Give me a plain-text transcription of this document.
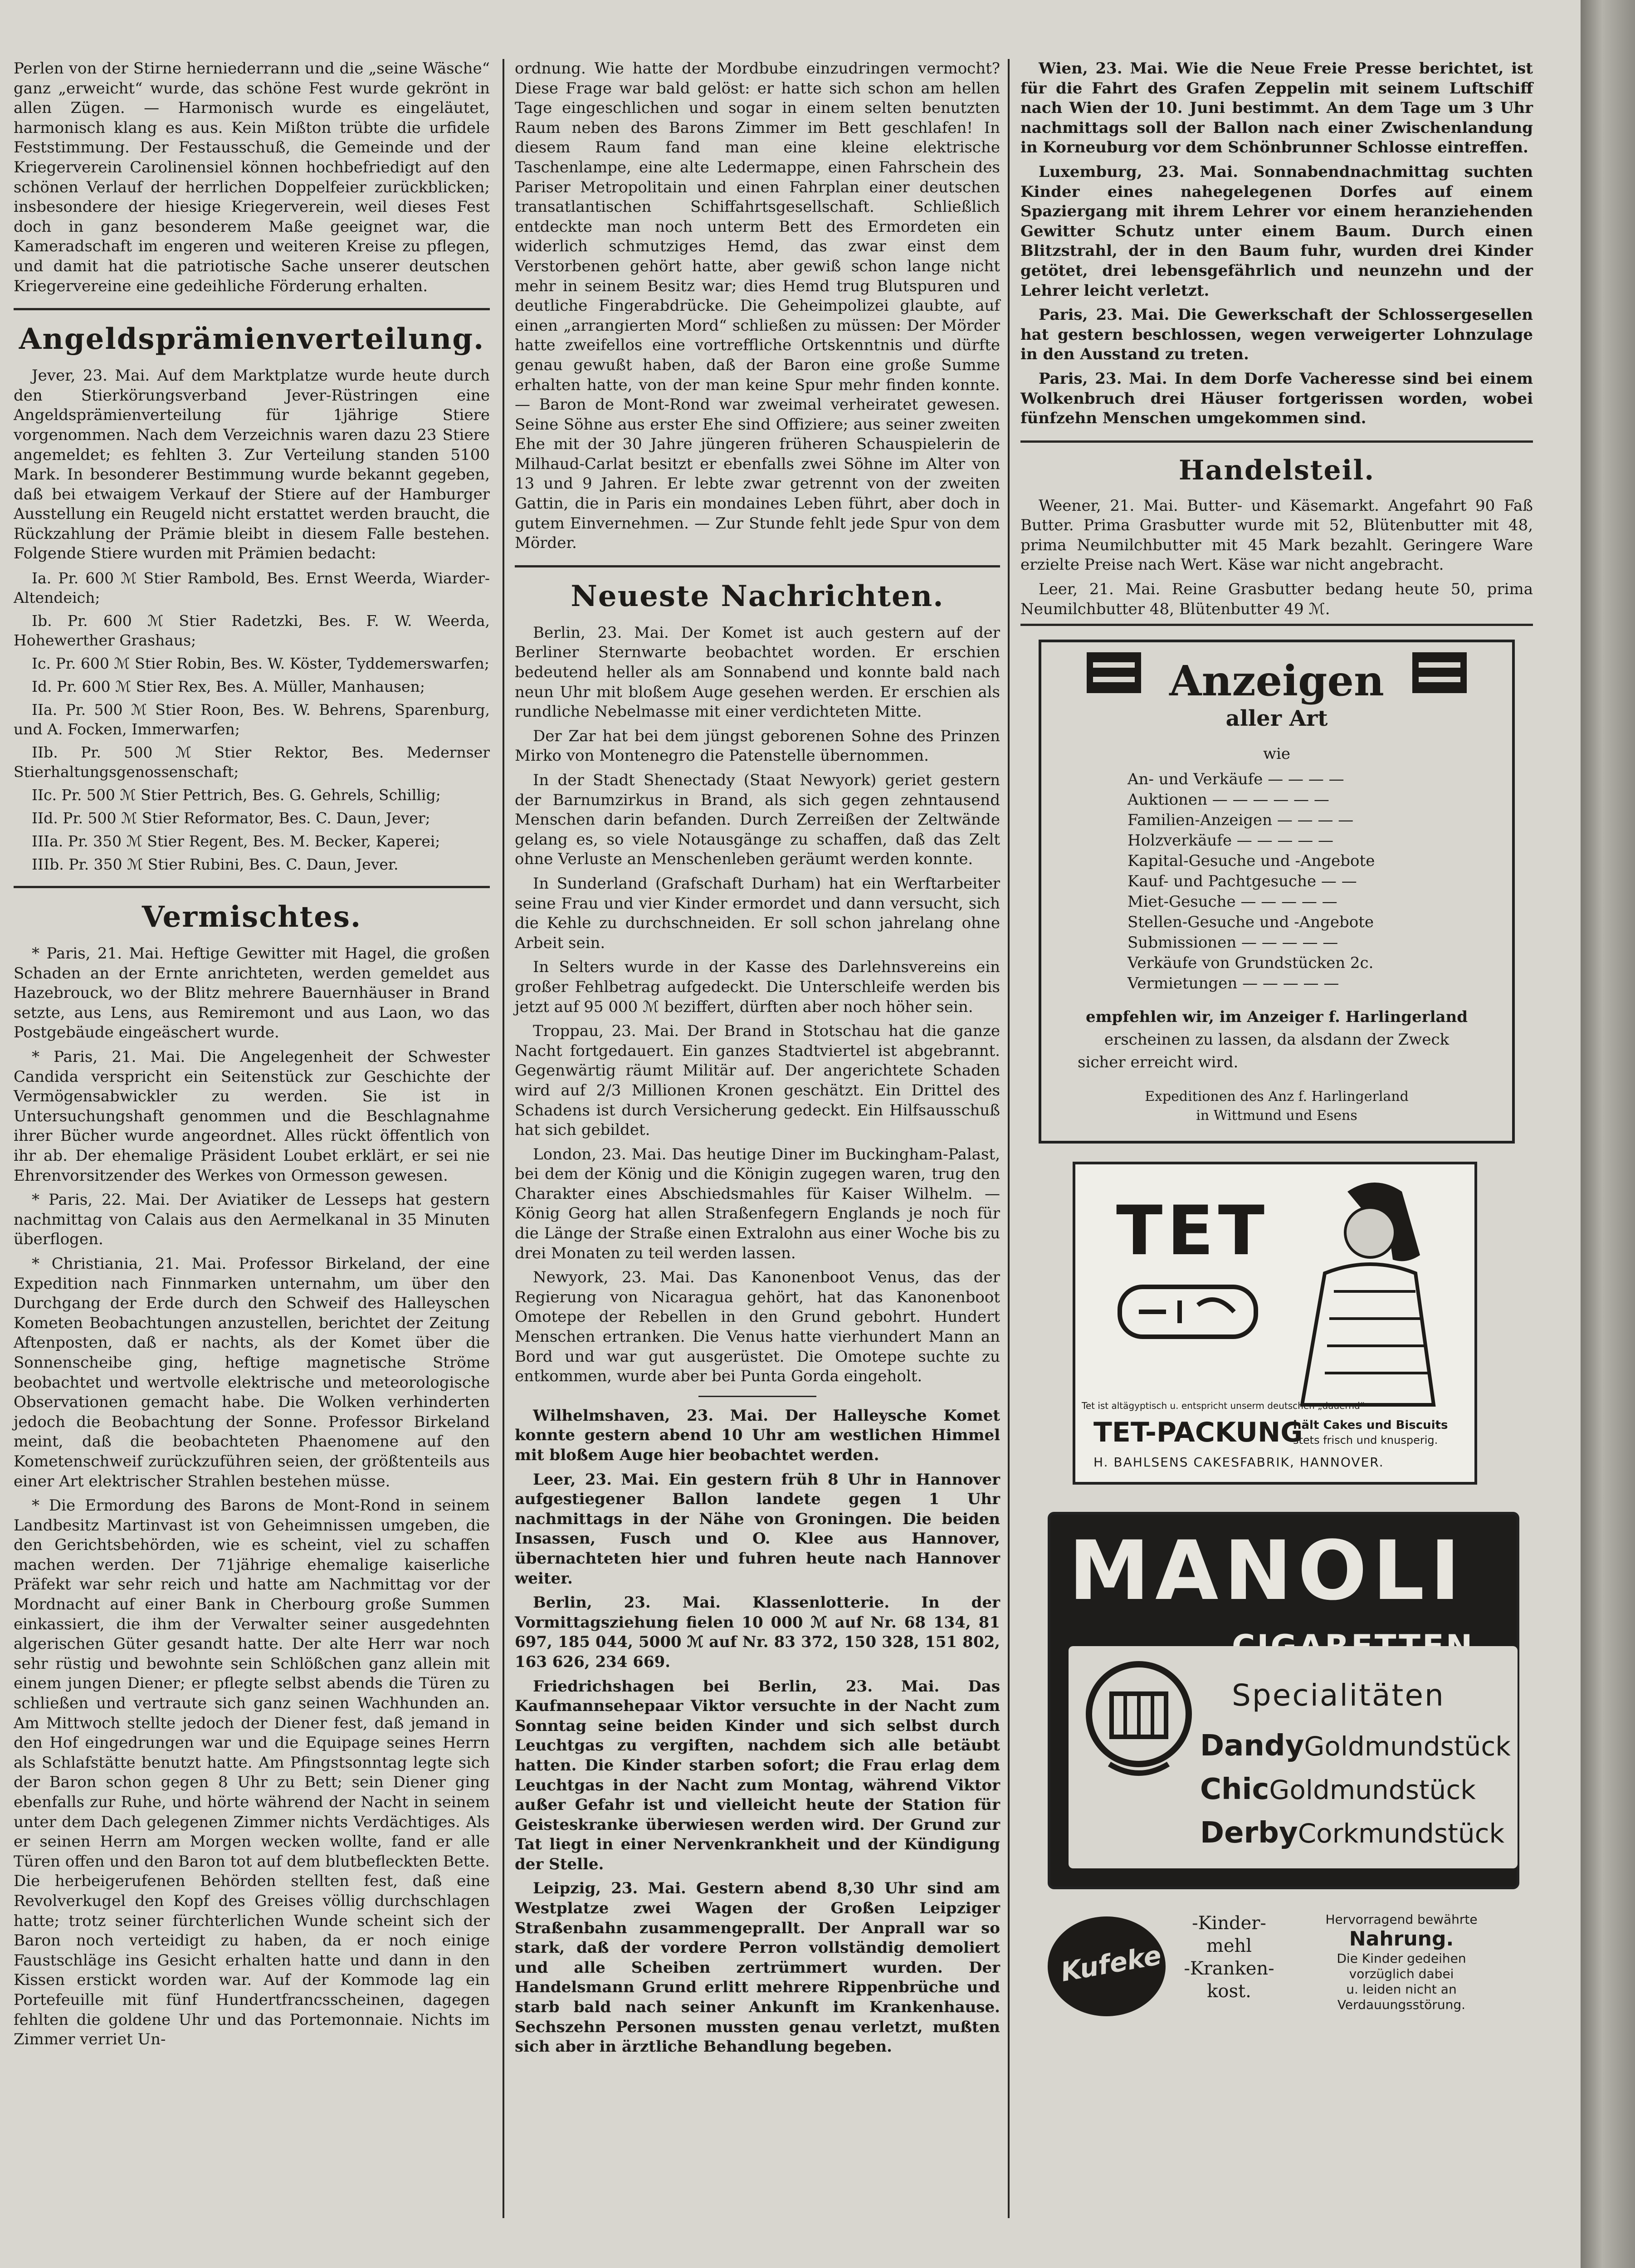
Perlen von der Stirne herniederrann und die „seine Wäsche“ ganz „erweicht“ wurde, das schöne Fest wurde gekrönt in allen Zügen. — Harmonisch wurde es eingeläutet, harmonisch klang es aus. Kein Mißton trübte die urfidele Feststimmung. Der Festausschuß, die Gemeinde und der Kriegerverein Carolinensiel können hochbefriedigt auf den schönen Verlauf der herrlichen Doppelfeier zurückblicken; insbesondere der hiesige Kriegerverein, weil dieses Fest doch in ganz besonderem Maße geeignet war, die Kameradschaft im engeren und weiteren Kreise zu pflegen, und damit hat die patriotische Sache unserer deutschen Kriegervereine eine gedeihliche Förderung erhalten.

Angeldsprämienverteilung.

Jever, 23. Mai. Auf dem Marktplatze wurde heute durch den Stierkörungsverband Jever-Rüstringen eine Angeldsprämienverteilung für 1jährige Stiere vorgenommen. Nach dem Verzeichnis waren dazu 23 Stiere angemeldet; es fehlten 3. Zur Verteilung standen 5100 Mark. In besonderer Bestimmung wurde bekannt gegeben, daß bei etwaigem Verkauf der Stiere auf der Hamburger Ausstellung ein Reugeld nicht erstattet werden braucht, die Rückzahlung der Prämie bleibt in diesem Falle bestehen. Folgende Stiere wurden mit Prämien bedacht:

Ia. Pr. 600 ℳ Stier Rambold, Bes. Ernst Weerda, Wiarder-Altendeich;

Ib. Pr. 600 ℳ Stier Radetzki, Bes. F. W. Weerda, Hohewerther Grashaus;

Ic. Pr. 600 ℳ Stier Robin, Bes. W. Köster, Tyddemerswarfen;

Id. Pr. 600 ℳ Stier Rex, Bes. A. Müller, Manhausen;

IIa. Pr. 500 ℳ Stier Roon, Bes. W. Behrens, Sparenburg, und A. Focken, Immerwarfen;

IIb. Pr. 500 ℳ Stier Rektor, Bes. Medernser Stierhaltungsgenossenschaft;

IIc. Pr. 500 ℳ Stier Pettrich, Bes. G. Gehrels, Schillig;

IId. Pr. 500 ℳ Stier Reformator, Bes. C. Daun, Jever;

IIIa. Pr. 350 ℳ Stier Regent, Bes. M. Becker, Kaperei;

IIIb. Pr. 350 ℳ Stier Rubini, Bes. C. Daun, Jever.

Vermischtes.

* Paris, 21. Mai. Heftige Gewitter mit Hagel, die großen Schaden an der Ernte anrichteten, werden gemeldet aus Hazebrouck, wo der Blitz mehrere Bauernhäuser in Brand setzte, aus Lens, aus Remiremont und aus Laon, wo das Postgebäude eingeäschert wurde.

* Paris, 21. Mai. Die Angelegenheit der Schwester Candida verspricht ein Seitenstück zur Geschichte der Vermögensabwickler zu werden. Sie ist in Untersuchungshaft genommen und die Beschlagnahme ihrer Bücher wurde angeordnet. Alles rückt öffentlich von ihr ab. Der ehemalige Präsident Loubet erklärt, er sei nie Ehrenvorsitzender des Werkes von Ormesson gewesen.

* Paris, 22. Mai. Der Aviatiker de Lesseps hat gestern nachmittag von Calais aus den Aermelkanal in 35 Minuten überflogen.

* Christiania, 21. Mai. Professor Birkeland, der eine Expedition nach Finnmarken unternahm, um über den Durchgang der Erde durch den Schweif des Halleyschen Kometen Beobachtungen anzustellen, berichtet der Zeitung Aftenposten, daß er nachts, als der Komet über die Sonnenscheibe ging, heftige magnetische Ströme beobachtet und wertvolle elektrische und meteorologische Observationen gemacht habe. Die Wolken verhinderten jedoch die Beobachtung der Sonne. Professor Birkeland meint, daß die beobachteten Phaenomene auf den Kometenschweif zurückzuführen seien, der größtenteils aus einer Art elektrischer Strahlen bestehen müsse.

* Die Ermordung des Barons de Mont-Rond in seinem Landbesitz Martinvast ist von Geheimnissen umgeben, die den Gerichtsbehörden, wie es scheint, viel zu schaffen machen werden. Der 71jährige ehemalige kaiserliche Präfekt war sehr reich und hatte am Nachmittag vor der Mordnacht auf einer Bank in Cherbourg große Summen einkassiert, die ihm der Verwalter seiner ausgedehnten algerischen Güter gesandt hatte. Der alte Herr war noch sehr rüstig und bewohnte sein Schlößchen ganz allein mit einem jungen Diener; er pflegte selbst abends die Türen zu schließen und vertraute sich ganz seinen Wachhunden an. Am Mittwoch stellte jedoch der Diener fest, daß jemand in den Hof eingedrungen war und die Equipage seines Herrn als Schlafstätte benutzt hatte. Am Pfingstsonntag legte sich der Baron schon gegen 8 Uhr zu Bett; sein Diener ging ebenfalls zur Ruhe, und hörte während der Nacht in seinem unter dem Dach gelegenen Zimmer nichts Verdächtiges. Als er seinen Herrn am Morgen wecken wollte, fand er alle Türen offen und den Baron tot auf dem blutbefleckten Bette. Die herbeigerufenen Behörden stellten fest, daß eine Revolverkugel den Kopf des Greises völlig durchschlagen hatte; trotz seiner fürchterlichen Wunde scheint sich der Baron noch verteidigt zu haben, da er noch einige Faustschläge ins Gesicht erhalten hatte und dann in den Kissen erstickt worden war. Auf der Kommode lag ein Portefeuille mit fünf Hundertfrancsscheinen, dagegen fehlten die goldene Uhr und das Portemonnaie. Nichts im Zimmer verriet Un-

ordnung. Wie hatte der Mordbube einzudringen vermocht? Diese Frage war bald gelöst: er hatte sich schon am hellen Tage eingeschlichen und sogar in einem selten benutzten Raum neben des Barons Zimmer im Bett geschlafen! In diesem Raum fand man eine kleine elektrische Taschenlampe, eine alte Ledermappe, einen Fahrschein des Pariser Metropolitain und einen Fahrplan einer deutschen transatlantischen Schiffahrtsgesellschaft. Schließlich entdeckte man noch unterm Bett des Ermordeten ein widerlich schmutziges Hemd, das zwar einst dem Verstorbenen gehört hatte, aber gewiß schon lange nicht mehr in seinem Besitz war; dies Hemd trug Blutspuren und deutliche Fingerabdrücke. Die Geheimpolizei glaubte, auf einen „arrangierten Mord“ schließen zu müssen: Der Mörder hatte zweifellos eine vortreffliche Ortskenntnis und dürfte genau gewußt haben, daß der Baron eine große Summe erhalten hatte, von der man keine Spur mehr finden konnte. — Baron de Mont-Rond war zweimal verheiratet gewesen. Seine Söhne aus erster Ehe sind Offiziere; aus seiner zweiten Ehe mit der 30 Jahre jüngeren früheren Schauspielerin de Milhaud-Carlat besitzt er ebenfalls zwei Söhne im Alter von 13 und 9 Jahren. Er lebte zwar getrennt von der zweiten Gattin, die in Paris ein mondaines Leben führt, aber doch in gutem Einvernehmen. — Zur Stunde fehlt jede Spur von dem Mörder.

Neueste Nachrichten.

Berlin, 23. Mai. Der Komet ist auch gestern auf der Berliner Sternwarte beobachtet worden. Er erschien bedeutend heller als am Sonnabend und konnte bald nach neun Uhr mit bloßem Auge gesehen werden. Er erschien als rundliche Nebelmasse mit einer verdichteten Mitte.

Der Zar hat bei dem jüngst geborenen Sohne des Prinzen Mirko von Montenegro die Patenstelle übernommen.

In der Stadt Shenectady (Staat Newyork) geriet gestern der Barnumzirkus in Brand, als sich gegen zehntausend Menschen darin befanden. Durch Zerreißen der Zeltwände gelang es, so viele Notausgänge zu schaffen, daß das Zelt ohne Verluste an Menschenleben geräumt werden konnte.

In Sunderland (Grafschaft Durham) hat ein Werftarbeiter seine Frau und vier Kinder ermordet und dann versucht, sich die Kehle zu durchschneiden. Er soll schon jahrelang ohne Arbeit sein.

In Selters wurde in der Kasse des Darlehnsvereins ein großer Fehlbetrag aufgedeckt. Die Unterschleife werden bis jetzt auf 95 000 ℳ beziffert, dürften aber noch höher sein.

Troppau, 23. Mai. Der Brand in Stotschau hat die ganze Nacht fortgedauert. Ein ganzes Stadtviertel ist abgebrannt. Gegenwärtig räumt Militär auf. Der angerichtete Schaden wird auf 2/3 Millionen Kronen geschätzt. Ein Drittel des Schadens ist durch Versicherung gedeckt. Ein Hilfsausschuß hat sich gebildet.

London, 23. Mai. Das heutige Diner im Buckingham-Palast, bei dem der König und die Königin zugegen waren, trug den Charakter eines Abschiedsmahles für Kaiser Wilhelm. — König Georg hat allen Straßenfegern Englands je noch für die Länge der Straße einen Extralohn aus einer Woche bis zu drei Monaten zu teil werden lassen.

Newyork, 23. Mai. Das Kanonenboot Venus, das der Regierung von Nicaragua gehört, hat das Kanonenboot Omotepe der Rebellen in den Grund gebohrt. Hundert Menschen ertranken. Die Venus hatte vierhundert Mann an Bord und war gut ausgerüstet. Die Omotepe suchte zu entkommen, wurde aber bei Punta Gorda eingeholt.

Wilhelmshaven, 23. Mai. Der Halleysche Komet konnte gestern abend 10 Uhr am westlichen Himmel mit bloßem Auge hier beobachtet werden.

Leer, 23. Mai. Ein gestern früh 8 Uhr in Hannover aufgestiegener Ballon landete gegen 1 Uhr nachmittags in der Nähe von Groningen. Die beiden Insassen, Fusch und O. Klee aus Hannover, übernachteten hier und fuhren heute nach Hannover weiter.

Berlin, 23. Mai. Klassenlotterie. In der Vormittagsziehung fielen 10 000 ℳ auf Nr. 68 134, 81 697, 185 044, 5000 ℳ auf Nr. 83 372, 150 328, 151 802, 163 626, 234 669.

Friedrichshagen bei Berlin, 23. Mai. Das Kaufmannsehepaar Viktor versuchte in der Nacht zum Sonntag seine beiden Kinder und sich selbst durch Leuchtgas zu vergiften, nachdem sich alle betäubt hatten. Die Kinder starben sofort; die Frau erlag dem Leuchtgas in der Nacht zum Montag, während Viktor außer Gefahr ist und vielleicht heute der Station für Geisteskranke überwiesen werden wird. Der Grund zur Tat liegt in einer Nervenkrankheit und der Kündigung der Stelle.

Leipzig, 23. Mai. Gestern abend 8,30 Uhr sind am Westplatze zwei Wagen der Großen Leipziger Straßenbahn zusammengeprallt. Der Anprall war so stark, daß der vordere Perron vollständig demoliert und alle Scheiben zertrümmert wurden. Der Handelsmann Grund erlitt mehrere Rippenbrüche und starb bald nach seiner Ankunft im Krankenhause. Sechszehn Personen mussten genau verletzt, mußten sich aber in ärztliche Behandlung begeben.

Wien, 23. Mai. Wie die Neue Freie Presse berichtet, ist für die Fahrt des Grafen Zeppelin mit seinem Luftschiff nach Wien der 10. Juni bestimmt. An dem Tage um 3 Uhr nachmittags soll der Ballon nach einer Zwischenlandung in Korneuburg vor dem Schönbrunner Schlosse eintreffen.

Luxemburg, 23. Mai. Sonnabendnachmittag suchten Kinder eines nahegelegenen Dorfes auf einem Spaziergang mit ihrem Lehrer vor einem heranziehenden Gewitter Schutz unter einem Baum. Durch einen Blitzstrahl, der in den Baum fuhr, wurden drei Kinder getötet, drei lebensgefährlich und neunzehn und der Lehrer leicht verletzt.

Paris, 23. Mai. Die Gewerkschaft der Schlossergesellen hat gestern beschlossen, wegen verweigerter Lohnzulage in den Ausstand zu treten.

Paris, 23. Mai. In dem Dorfe Vacheresse sind bei einem Wolkenbruch drei Häuser fortgerissen worden, wobei fünfzehn Menschen umgekommen sind.

Handelsteil.

Weener, 21. Mai. Butter- und Käsemarkt. Angefahrt 90 Faß Butter. Prima Grasbutter wurde mit 52, Blütenbutter mit 48, prima Neumilchbutter mit 45 Mark bezahlt. Geringere Ware erzielte Preise nach Wert. Käse war nicht angebracht.

Leer, 21. Mai. Reine Grasbutter bedang heute 50, prima Neumilchbutter 48, Blütenbutter 49 ℳ.

Anzeigen
aller Art
wie
An- und Verkäufe — — — —
Auktionen — — — — — —
Familien-Anzeigen — — — —
Holzverkäufe — — — — —
Kapital-Gesuche und -Angebote
Kauf- und Pachtgesuche — —
Miet-Gesuche — — — — —
Stellen-Gesuche und -Angebote
Submissionen — — — — —
Verkäufe von Grundstücken 2c.
Vermietungen — — — — —
empfehlen wir, im Anzeiger f. Harlingerland
erscheinen zu lassen, da alsdann der Zweck
sicher erreicht wird.
Expeditionen des Anz f. Harlingerland
in Wittmund und Esens
TET
Tet ist altägyptisch u. entspricht unserm deutschen „dauernd“
TET-PACKUNG
hält Cakes und Biscuits
stets frisch und knusperig.
H. BAHLSENS CAKESFABRIK, HANNOVER.
MANOLI
Specialitäten
DandyGoldmundstück
ChicGoldmundstück
DerbyCorkmundstück
Kufeke
-Kinder-
mehl
-Kranken-
kost.
Hervorragend bewährte
Nahrung.
Die Kinder gedeihen
vorzüglich dabei
u. leiden nicht an
Verdauungsstörung.
